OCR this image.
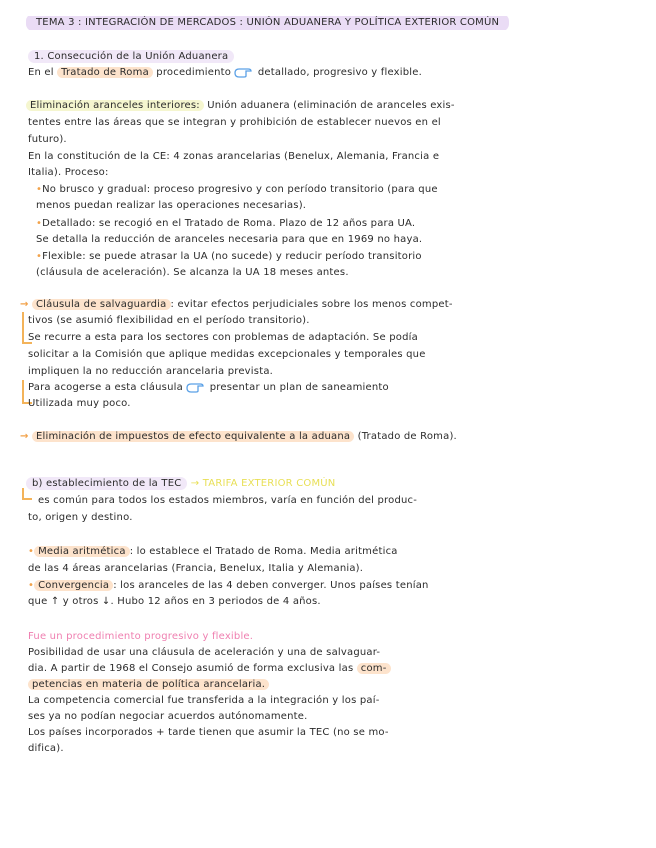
TEMA 3 : INTEGRACIÓN DE MERCADOS : UNIÓN ADUANERA Y POLÍTICA EXTERIOR COMÚN
1. Consecución de la Unión Aduanera
En el Tratado de Roma procedimiento	detallado, progresivo y flexible.
Eliminación aranceles interiores: Unión aduanera (eliminación de aranceles exis-
tentes entre las áreas que se integran y prohibición de establecer nuevos en el
futuro).
En la constitución de la CE: 4 zonas arancelarias (Benelux, Alemania, Francia e
Italia). Proceso:
•No brusco y gradual: proceso progresivo y con período transitorio (para que
menos puedan realizar las operaciones necesarias).
•Detallado: se recogió en el Tratado de Roma. Plazo de 12 años para UA.
Se detalla la reducción de aranceles necesaria para que en 1969 no haya.
•Flexible: se puede atrasar la UA (no sucede) y reducir período transitorio
(cláusula de aceleración). Se alcanza la UA 18 meses antes.
→ Cláusula de salvaguardia : evitar efectos perjudiciales sobre los menos compet-
tivos (se asumió flexibilidad en el período transitorio).
Se recurre a esta para los sectores con problemas de adaptación. Se podía
solicitar a la Comisión que aplique medidas excepcionales y temporales que
impliquen la no reducción arancelaria prevista.
Para acogerse a esta cláusula	presentar un plan de saneamiento
Utilizada muy poco.
→ Eliminación de impuestos de efecto equivalente a la aduana (Tratado de Roma).
b) establecimiento de la TEC → TARIFA EXTERIOR COMÚN
es común para todos los estados miembros, varía en función del produc-
to, origen y destino.
• Media aritmética : lo establece el Tratado de Roma. Media aritmética
de las 4 áreas arancelarias (Francia, Benelux, Italia y Alemania).
• Convergencia : los aranceles de las 4 deben converger. Unos países tenían
que ↑ y otros ↓. Hubo 12 años en 3 periodos de 4 años.
Fue un procedimiento progresivo y flexible.
Posibilidad de usar una cláusula de aceleración y una de salvaguar-
dia. A partir de 1968 el Consejo asumió de forma exclusiva las com-
petencias en materia de política arancelaria.
La competencia comercial fue transferida a la integración y los paí-
ses ya no podían negociar acuerdos autónomamente.
Los países incorporados + tarde tienen que asumir la TEC (no se mo-
difica).
